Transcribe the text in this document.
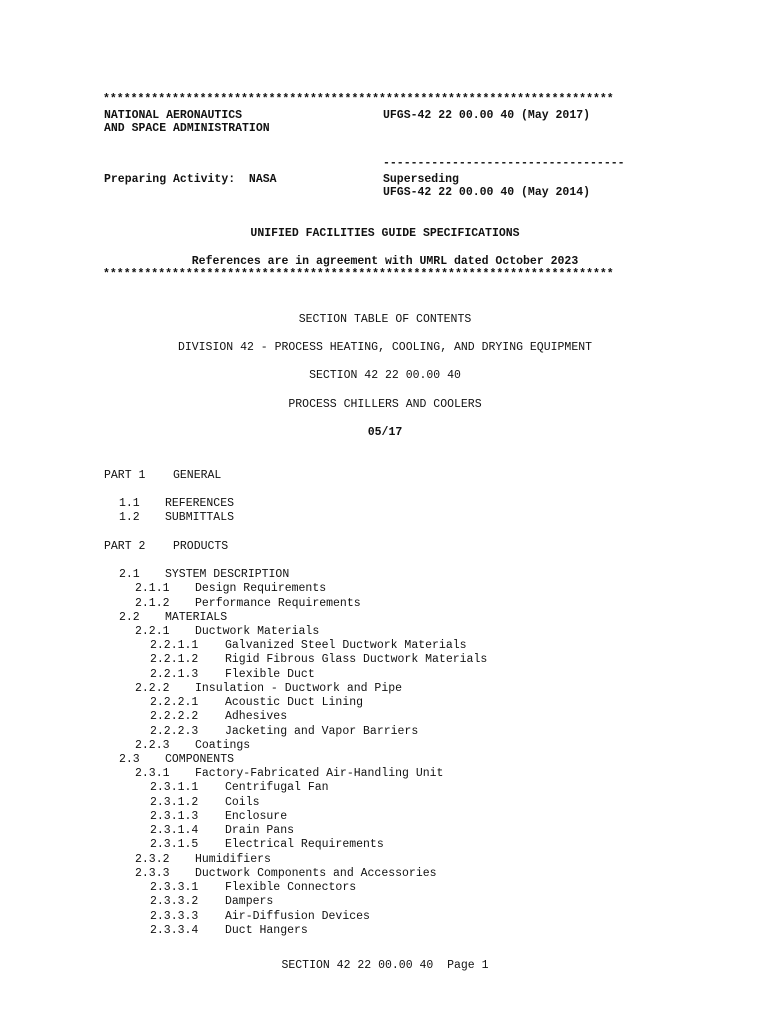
**************************************************************************
NATIONAL AERONAUTICS
AND SPACE ADMINISTRATION
UFGS-42 22 00.00 40 (May 2017)
-----------------------------------
Preparing Activity:  NASA	Superseding
UFGS-42 22 00.00 40 (May 2014)
UNIFIED FACILITIES GUIDE SPECIFICATIONS
References are in agreement with UMRL dated October 2023
**************************************************************************
SECTION TABLE OF CONTENTS
DIVISION 42 - PROCESS HEATING, COOLING, AND DRYING EQUIPMENT
SECTION 42 22 00.00 40
PROCESS CHILLERS AND COOLERS
05/17
PART 1 GENERAL
1.1 REFERENCES
1.2 SUBMITTALS
PART 2 PRODUCTS
2.1 SYSTEM DESCRIPTION
2.1.1 Design Requirements
2.1.2 Performance Requirements
2.2 MATERIALS
2.2.1 Ductwork Materials
2.2.1.1 Galvanized Steel Ductwork Materials
2.2.1.2 Rigid Fibrous Glass Ductwork Materials
2.2.1.3 Flexible Duct
2.2.2 Insulation - Ductwork and Pipe
2.2.2.1 Acoustic Duct Lining
2.2.2.2 Adhesives
2.2.2.3 Jacketing and Vapor Barriers
2.2.3 Coatings
2.3 COMPONENTS
2.3.1 Factory-Fabricated Air-Handling Unit
2.3.1.1 Centrifugal Fan
2.3.1.2 Coils
2.3.1.3 Enclosure
2.3.1.4 Drain Pans
2.3.1.5 Electrical Requirements
2.3.2 Humidifiers
2.3.3 Ductwork Components and Accessories
2.3.3.1 Flexible Connectors
2.3.3.2 Dampers
2.3.3.3 Air-Diffusion Devices
2.3.3.4 Duct Hangers
SECTION 42 22 00.00 40  Page 1
